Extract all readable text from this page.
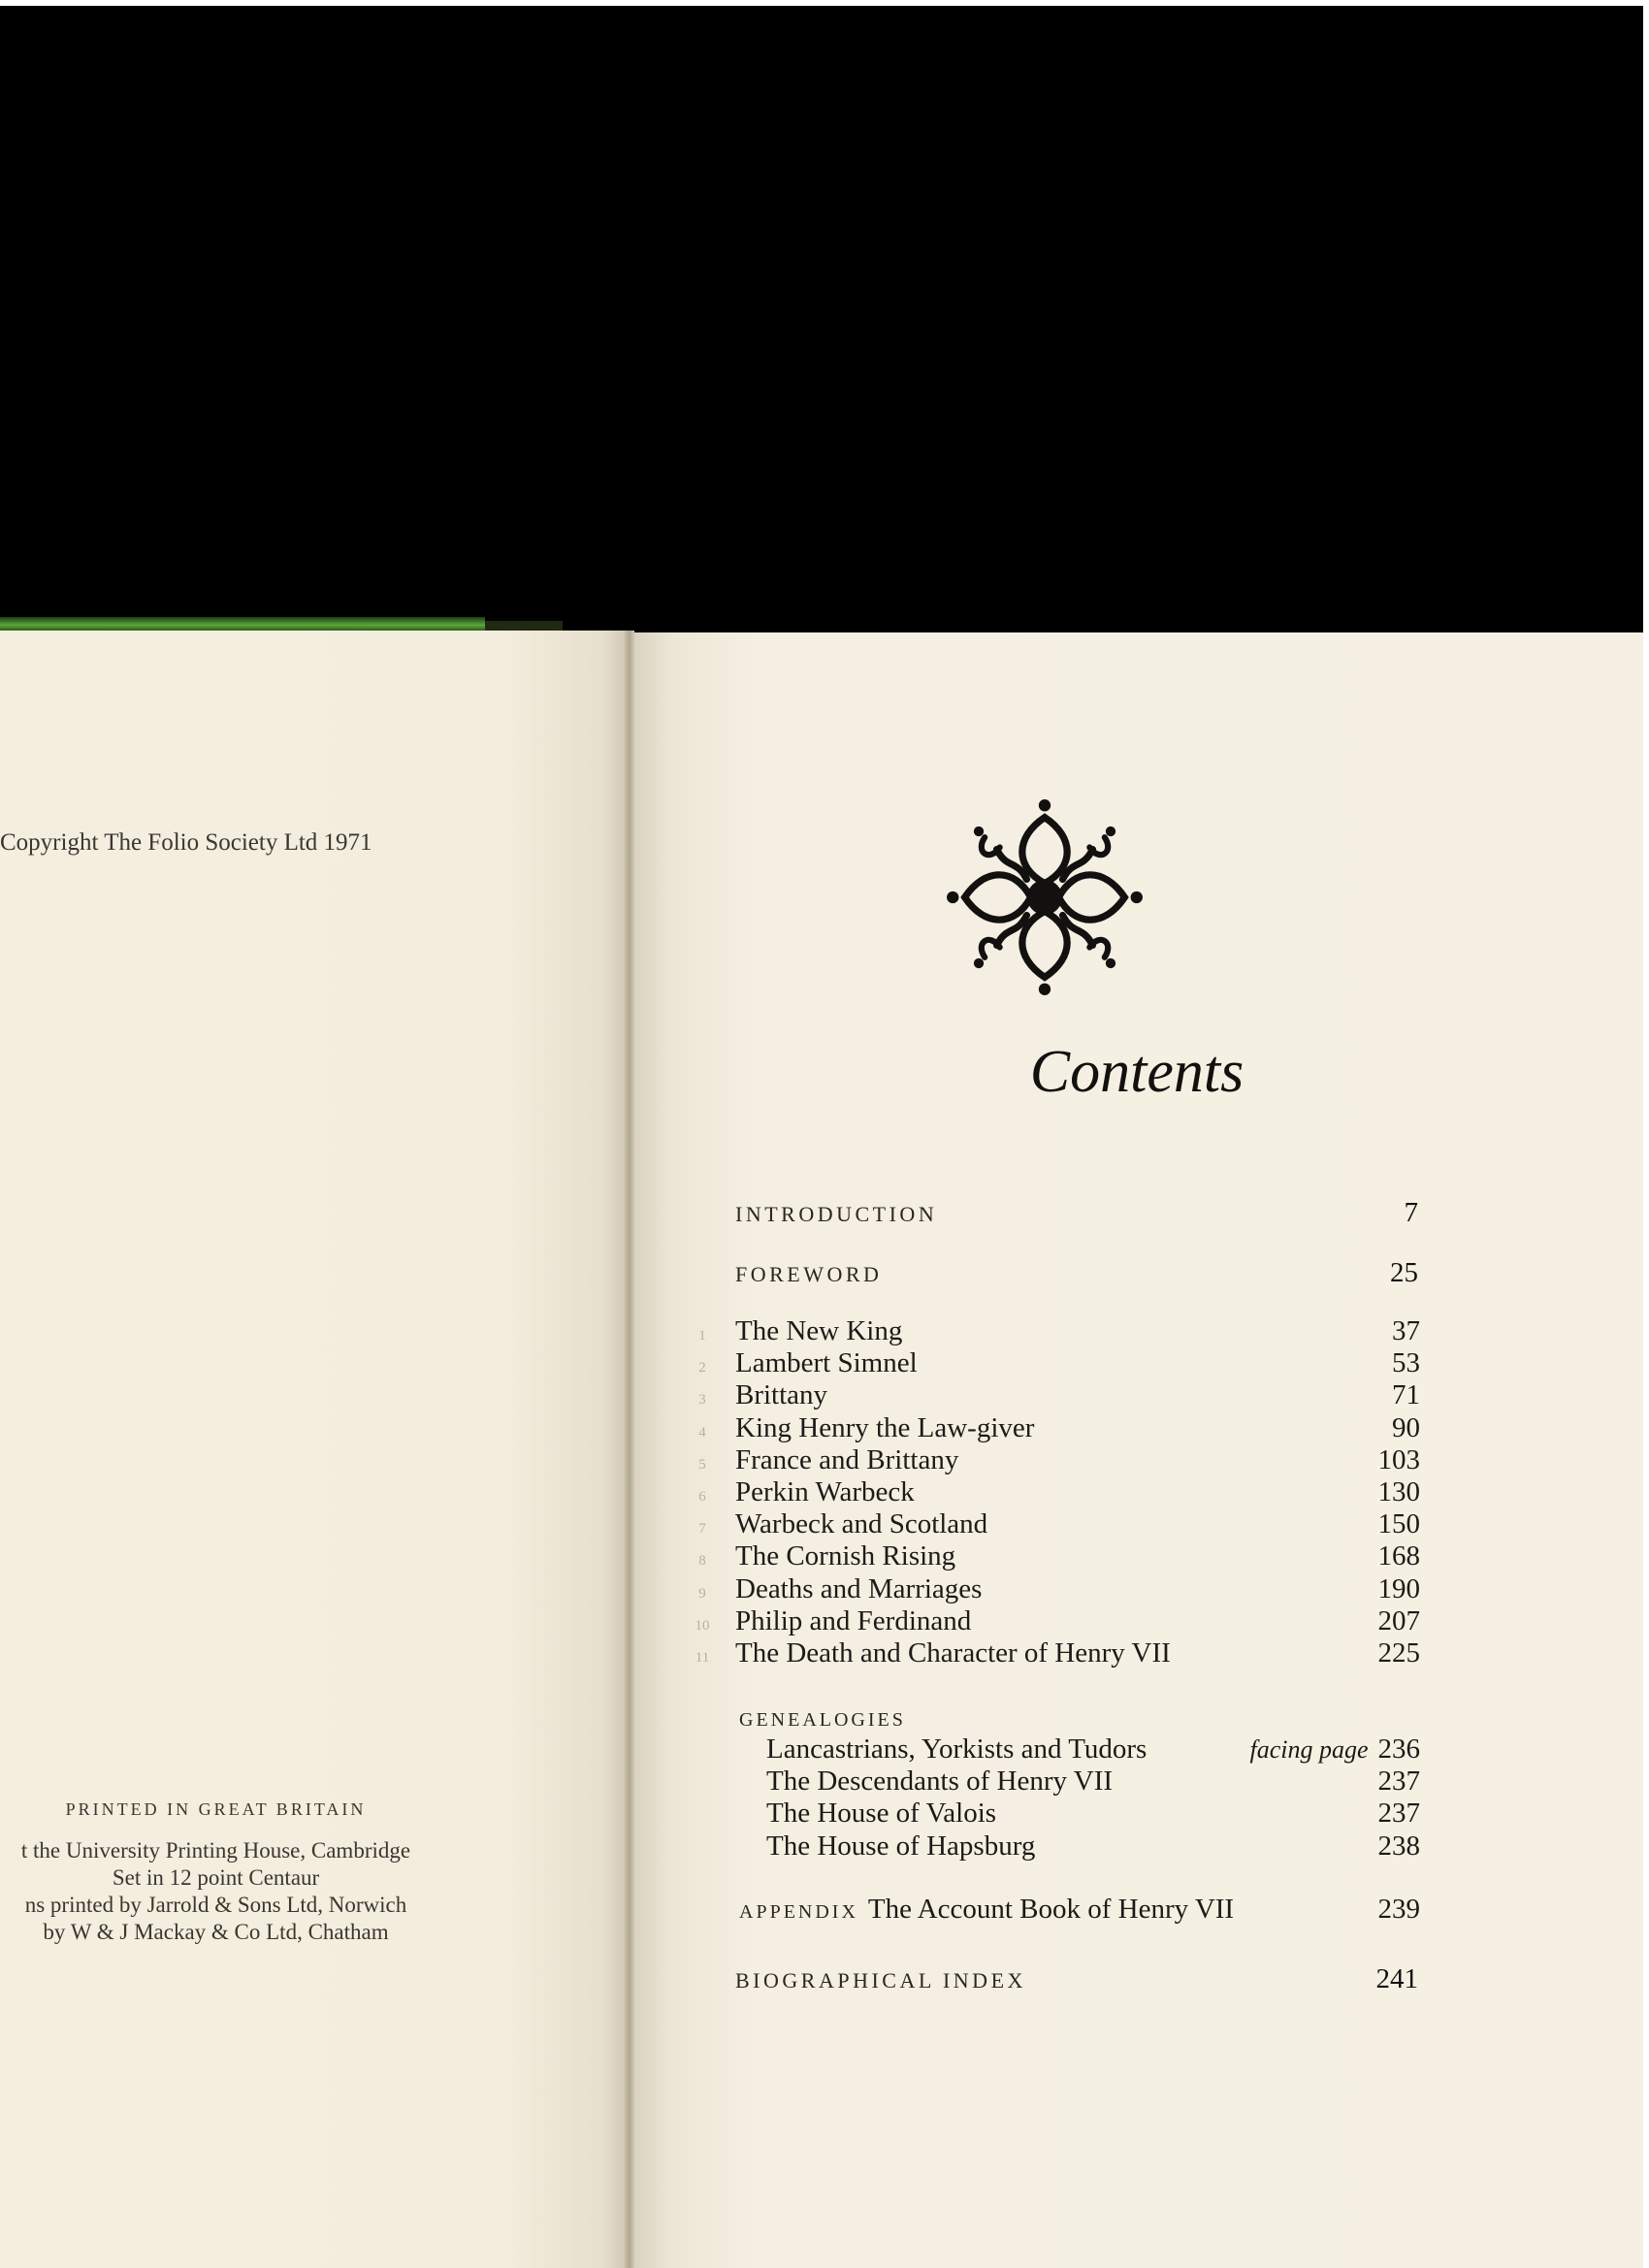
Copyright The Folio Society Ltd 1971
PRINTED IN GREAT BRITAIN
t the University Printing House, Cambridge
Set in 12 point Centaur
ns printed by Jarrold & Sons Ltd, Norwich
by W & J Mackay & Co Ltd, Chatham
Contents
INTRODUCTION	7
FOREWORD	25
1	The New King	37
2	Lambert Simnel	53
3	Brittany	71
4	King Henry the Law-giver	90
5	France and Brittany	103
6	Perkin Warbeck	130
7	Warbeck and Scotland	150
8	The Cornish Rising	168
9	Deaths and Marriages	190
10 Philip and Ferdinand	207
11 The Death and Character of Henry VII	225
GENEALOGIES
Lancastrians, Yorkists and Tudors	facing page 236
The Descendants of Henry VII	237
The House of Valois	237
The House of Hapsburg	238
APPENDIX The Account Book of Henry VII	239
BIOGRAPHICAL INDEX	241
